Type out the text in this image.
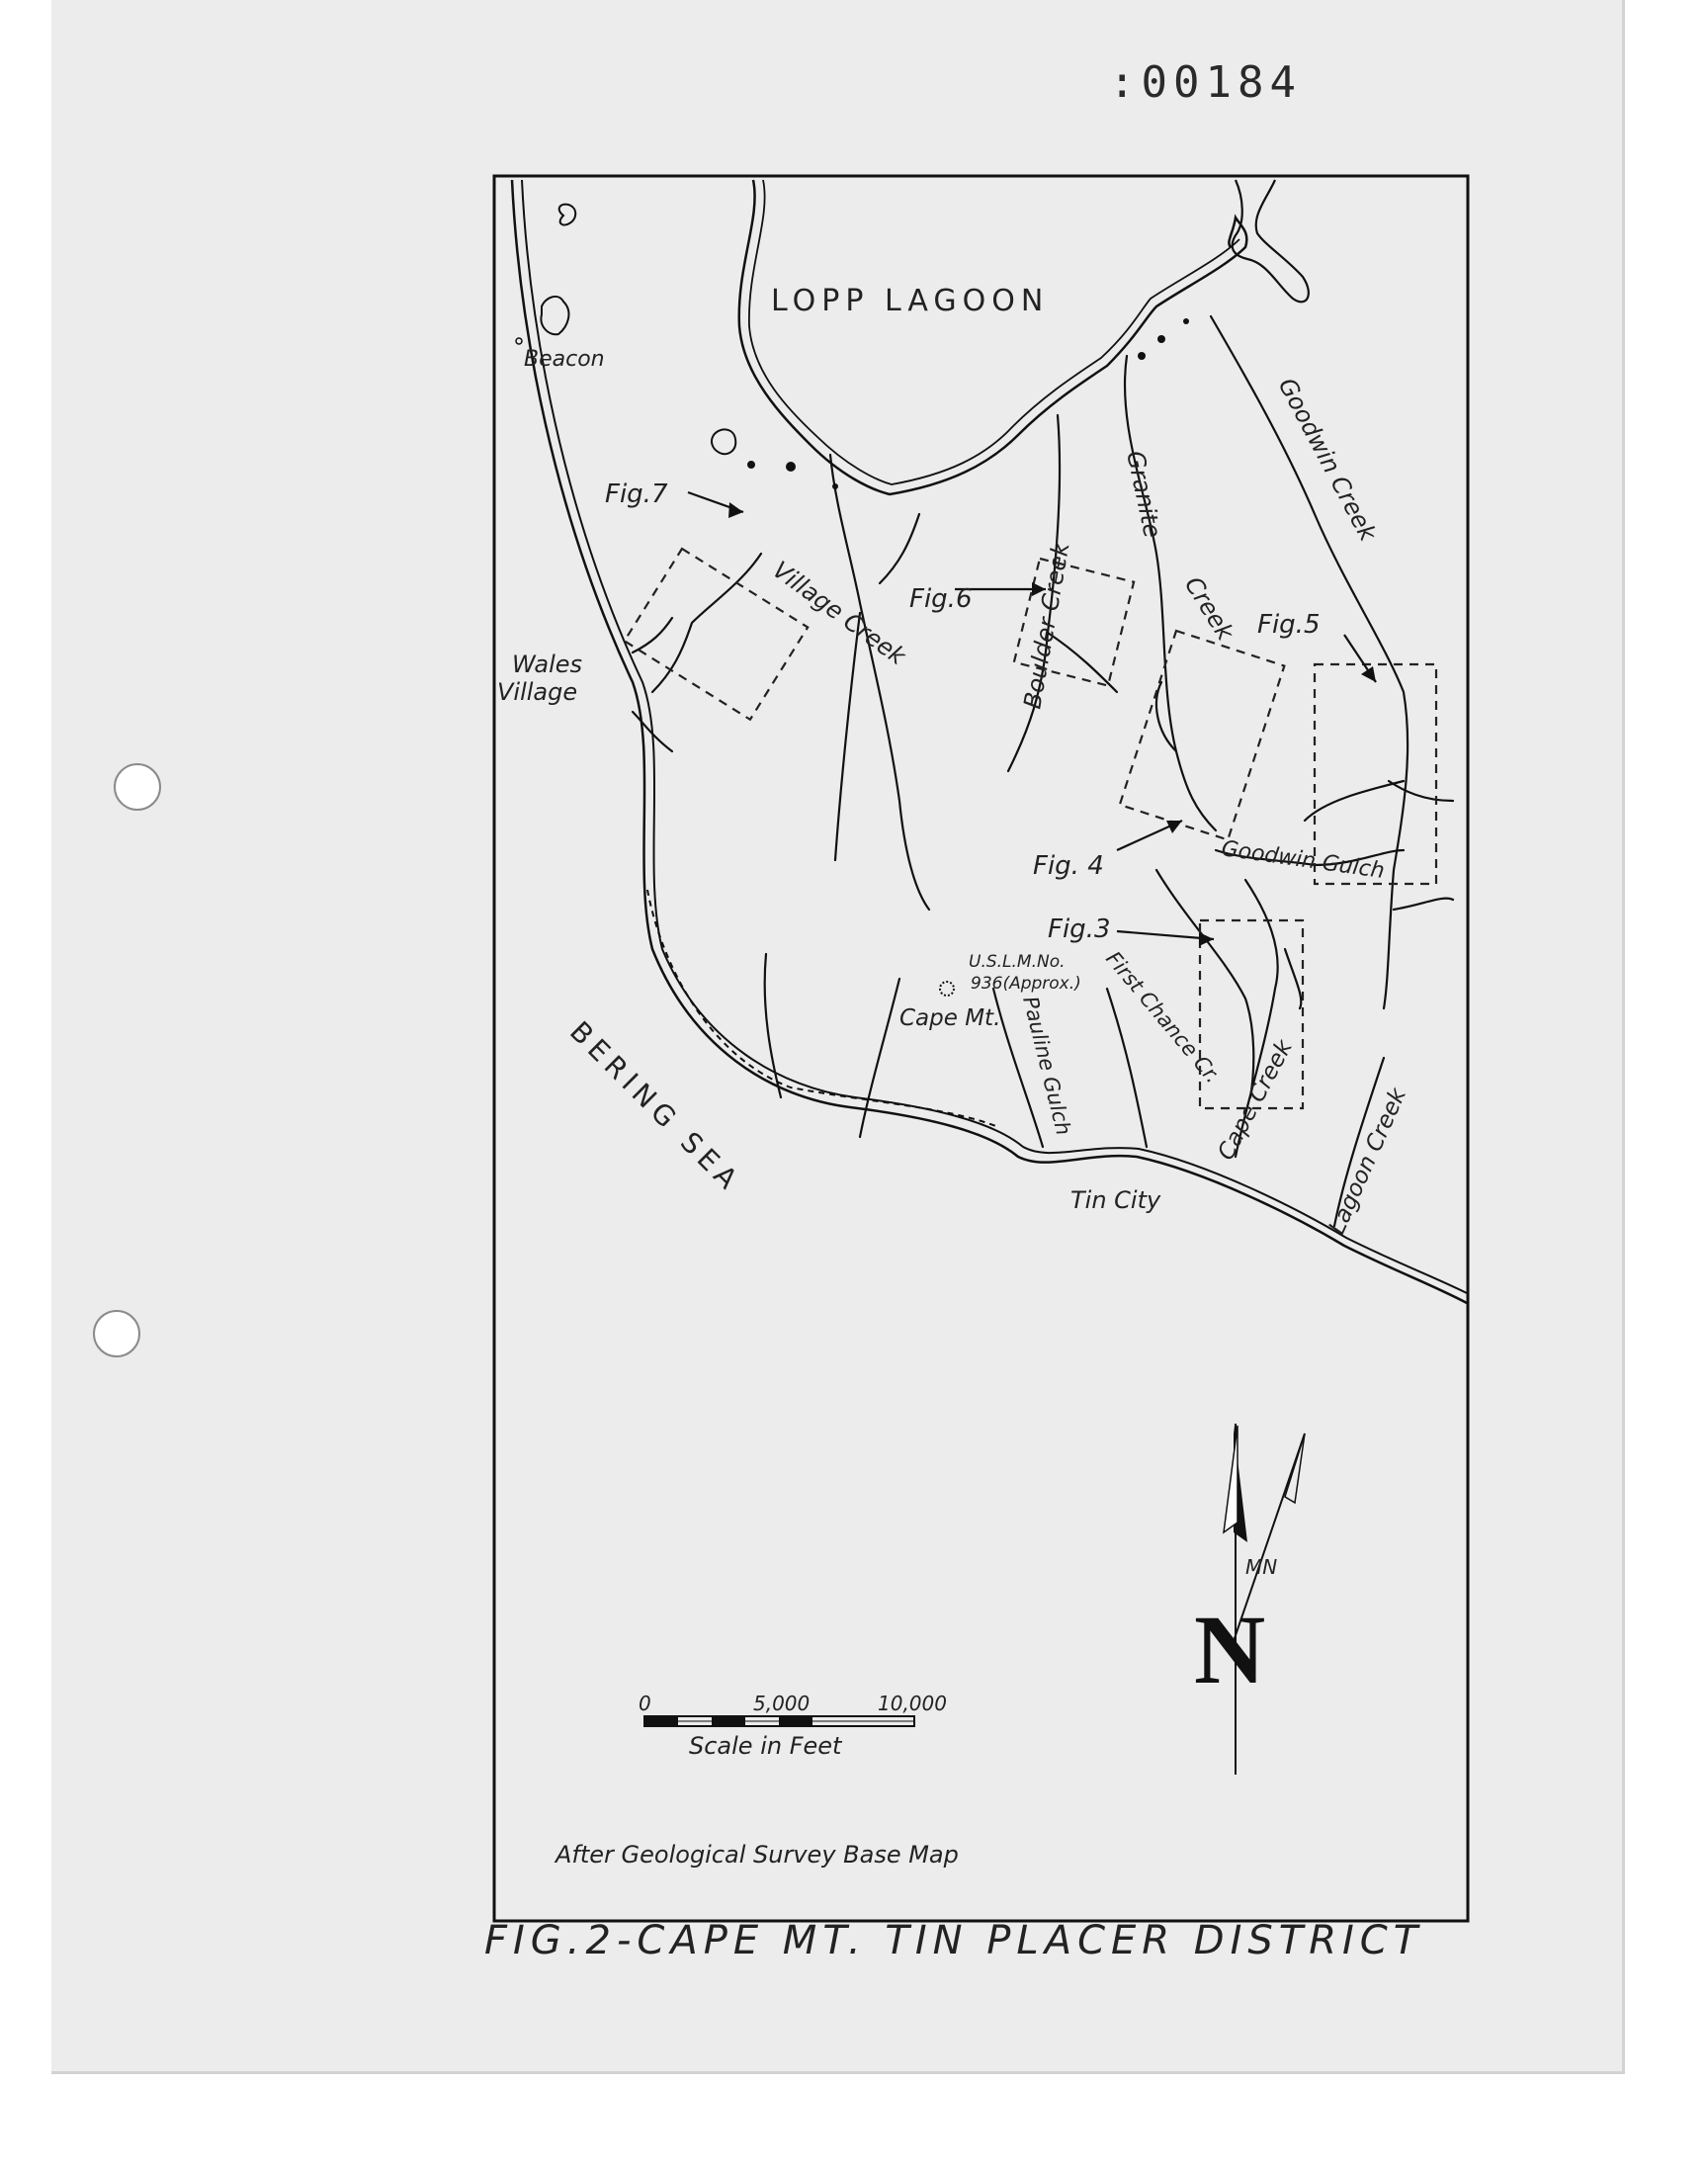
:00184
LOPP LAGOON
BERING SEA
Beacon
Wales
Village
Tin City
Cape Mt.
U.S.L.M.No.
936(Approx.)
Village Creek	Boulder Creek
Granite
Creek
Goodwin Creek
Goodwin Gulch
First Chance Cr.
Pauline Gulch	Cape Creek Lagoon Creek
Fig.7
Fig.6
Fig.5
Fig. 4
Fig.3
0	5,000	10,000
Scale in Feet
MN
N
After Geological Survey Base Map
FIG.2-CAPE MT. TIN PLACER DISTRICT
